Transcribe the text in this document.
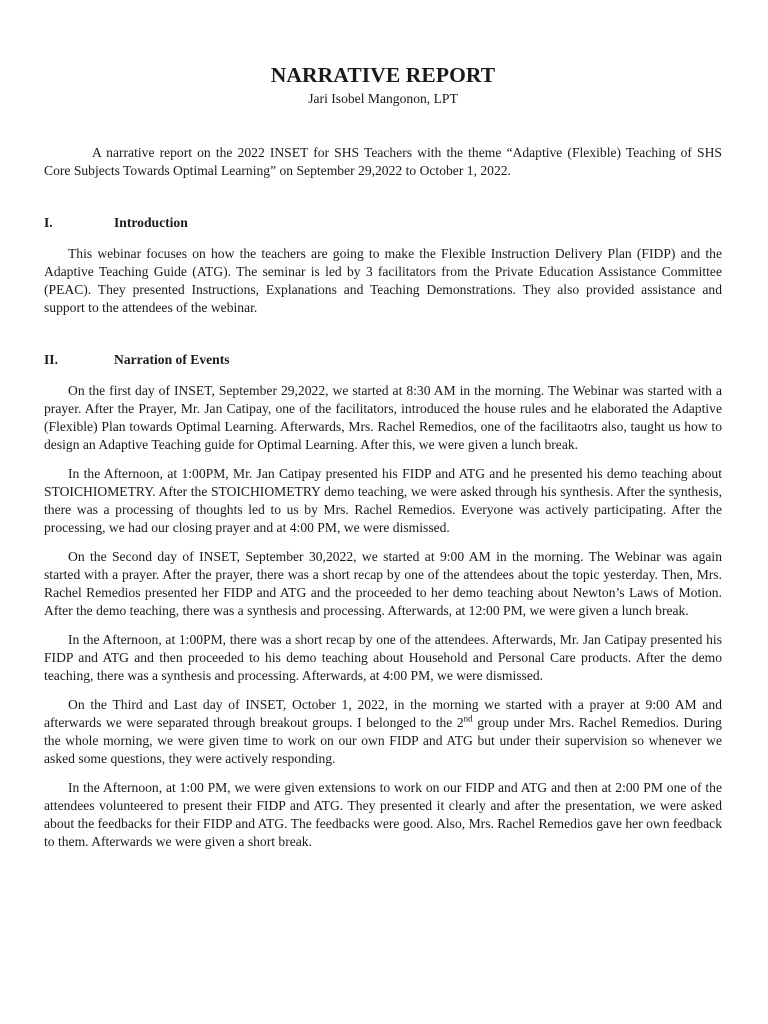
NARRATIVE REPORT
Jari Isobel Mangonon, LPT

A narrative report on the 2022 INSET for SHS Teachers with the theme “Adaptive (Flexible) Teaching of SHS Core Subjects Towards Optimal Learning” on September 29,2022 to October 1, 2022.

I.	Introduction

This webinar focuses on how the teachers are going to make the Flexible Instruction Delivery Plan (FIDP) and the Adaptive Teaching Guide (ATG). The seminar is led by 3 facilitators from the Private Education Assistance Committee (PEAC). They presented Instructions, Explanations and Teaching Demonstrations. They also provided assistance and support to the attendees of the webinar.

II.	Narration of Events

On the first day of INSET, September 29,2022, we started at 8:30 AM in the morning. The Webinar was started with a prayer. After the Prayer, Mr. Jan Catipay, one of the facilitators, introduced the house rules and he elaborated the Adaptive (Flexible) Plan towards Optimal Learning. Afterwards, Mrs. Rachel Remedios, one of the facilitaotrs also, taught us how to design an Adaptive Teaching guide for Optimal Learning. After this, we were given a lunch break.

In the Afternoon, at 1:00PM, Mr. Jan Catipay presented his FIDP and ATG and he presented his demo teaching about STOICHIOMETRY. After the STOICHIOMETRY demo teaching, we were asked through his synthesis. After the synthesis, there was a processing of thoughts led to us by Mrs. Rachel Remedios. Everyone was actively participating. After the processing, we had our closing prayer and at 4:00 PM, we were dismissed.

On the Second day of INSET, September 30,2022, we started at 9:00 AM in the morning. The Webinar was again started with a prayer. After the prayer, there was a short recap by one of the attendees about the topic yesterday. Then, Mrs. Rachel Remedios presented her FIDP and ATG and the proceeded to her demo teaching about Newton’s Laws of Motion. After the demo teaching, there was a synthesis and processing. Afterwards, at 12:00 PM, we were given a lunch break.

In the Afternoon, at 1:00PM, there was a short recap by one of the attendees. Afterwards, Mr. Jan Catipay presented his FIDP and ATG and then proceeded to his demo teaching about Household and Personal Care products. After the demo teaching, there was a synthesis and processing. Afterwards, at 4:00 PM, we were dismissed.

On the Third and Last day of INSET, October 1, 2022, in the morning we started with a prayer at 9:00 AM and afterwards we were separated through breakout groups. I belonged to the 2nd group under Mrs. Rachel Remedios. During the whole morning, we were given time to work on our own FIDP and ATG but under their supervision so whenever we asked some questions, they were actively responding.

In the Afternoon, at 1:00 PM, we were given extensions to work on our FIDP and ATG and then at 2:00 PM one of the attendees volunteered to present their FIDP and ATG. They presented it clearly and after the presentation, we were asked about the feedbacks for their FIDP and ATG. The feedbacks were good. Also, Mrs. Rachel Remedios gave her own feedback to them. Afterwards we were given a short break.
